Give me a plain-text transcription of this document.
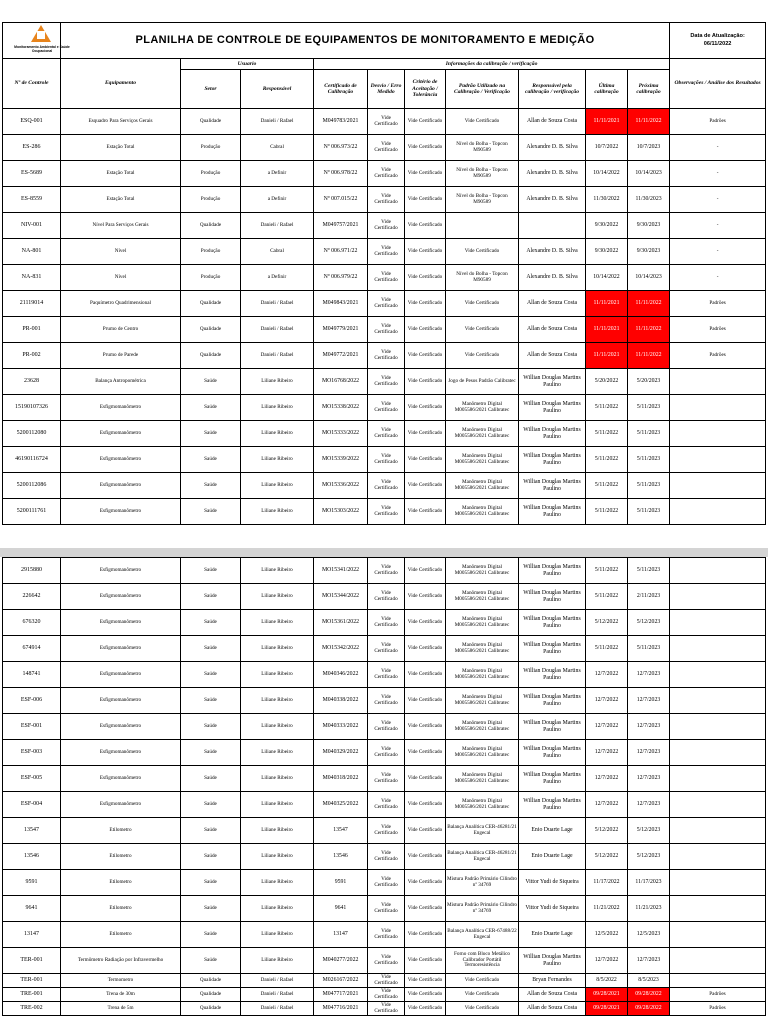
Monitoramento Ambiental e Saúde Ocupacional	PLANILHA DE CONTROLE DE EQUIPAMENTOS DE MONITORAMENTO E MEDIÇÃO										Data de Atualização:
06/11/2022
Nº de Controle	Equipamento	Usuario		Informações da calibração / verificação							Observações / Análise dos Resultados
		Setor	Responsável	Certificado de Calibração	Desvio / Erro Medido	Critério de Aceitação / Tolerância	Padrão Utilizado na Calibração / Verificação	Responsável pela calibração / verificação	Última calibração	Próxima calibração	
ESQ-001	Esquadro Para Serviços Gerais	Qualidade	Danieli / Rafael	M049783/2021	Vide Certificado	Vide Certificado	Vide Certificado	Allan de Souza Costa	11/11/2021	11/11/2022	Padrões
ES-286	Estação Total	Produção	Cabral	Nº 006.973/22	Vide Certificado	Vide Certificado	Nível do Bolha - Topcon M90589	Alexandre D. B. Silva	10/7/2022	10/7/2023	-
ES-5689	Estação Total	Produção	a Definir	Nº 006.978/22	Vide Certificado	Vide Certificado	Nível do Bolha - Topcon M90589	Alexandre D. B. Silva	10/14/2022	10/14/2023	-
ES-8559	Estação Total	Produção	a Definir	Nº 007.015/22	Vide Certificado	Vide Certificado	Nível do Bolha - Topcon M90589	Alexandre D. B. Silva	11/30/2022	11/30/2023	-
NIV-001	Nível Para Serviços Gerais	Qualidade	Danieli / Rafael	M049757/2021	Vide Certificado	Vide Certificado			9/30/2022	9/30/2023	-
NA-801	Nível	Produção	Cabral	Nº 006.971/22	Vide Certificado	Vide Certificado	Vide Certificado	Alexandre D. B. Silva	9/30/2022	9/30/2023	-
NA-831	Nível	Produção	a Definir	Nº 006.979/22	Vide Certificado	Vide Certificado	Nível do Bolha - Topcon M90589	Alexandre D. B. Silva	10/14/2022	10/14/2023	-
21119014	Paquímetro Quadrimensional	Qualidade	Danieli / Rafael	M049843/2021	Vide Certificado	Vide Certificado	Vide Certificado	Allan de Souza Costa	11/11/2021	11/11/2022	Padrões
PR-001	Prumo de Centro	Qualidade	Danieli / Rafael	M049779/2021	Vide Certificado	Vide Certificado	Vide Certificado	Allan de Souza Costa	11/11/2021	11/11/2022	Padrões
PR-002	Prumo de Parede	Qualidade	Danieli / Rafael	M049772/2021	Vide Certificado	Vide Certificado	Vide Certificado	Allan de Souza Costa	11/11/2021	11/11/2022	Padrões
23628	Balança Antropométrica	Saúde	Liliane Ribeiro	MO16768/2022	Vide Certificado	Vide Certificado	Jogo de Pesos Padrão Calibratec	Willian Douglas Martins Paulino	5/20/2022	5/20/2023	
15190107326	Esfigmomanômetro	Saúde	Liliane Ribeiro	MO15338/2022	Vide Certificado	Vide Certificado	Manômetro Digital M005586/2021 Calibratec	Willian Douglas Martins Paulino	5/11/2022	5/11/2023	
5200112080	Esfigmomanômetro	Saúde	Liliane Ribeiro	MO15333/2022	Vide Certificado	Vide Certificado	Manômetro Digital M005586/2021 Calibratec	Willian Douglas Martins Paulino	5/11/2022	5/11/2023	
46190116724	Esfigmomanômetro	Saúde	Liliane Ribeiro	MO15339/2022	Vide Certificado	Vide Certificado	Manômetro Digital M005586/2021 Calibratec	Willian Douglas Martins Paulino	5/11/2022	5/11/2023	
5200112086	Esfigmomanômetro	Saúde	Liliane Ribeiro	MO15336/2022	Vide Certificado	Vide Certificado	Manômetro Digital M005586/2021 Calibratec	Willian Douglas Martins Paulino	5/11/2022	5/11/2023	
5200111761	Esfigmomanômetro	Saúde	Liliane Ribeiro	MO15303/2022	Vide Certificado	Vide Certificado	Manômetro Digital M005586/2021 Calibratec	Willian Douglas Martins Paulino	5/11/2022	5/11/2023	
2915880	Esfigmomanômetro	Saúde	Liliane Ribeiro	MO15341/2022	Vide Certificado	Vide Certificado	Manômetro Digital M005586/2021 Calibratec	Willian Douglas Martins Paulino	5/11/2022	5/11/2023	
226642	Esfigmomanômetro	Saúde	Liliane Ribeiro	MO15344/2022	Vide Certificado	Vide Certificado	Manômetro Digital M005586/2021 Calibratec	Willian Douglas Martins Paulino	5/11/2022	2/11/2023	
676320	Esfigmomanômetro	Saúde	Liliane Ribeiro	MO15361/2022	Vide Certificado	Vide Certificado	Manômetro Digital M005586/2021 Calibratec	Willian Douglas Martins Paulino	5/12/2022	5/12/2023	
674914	Esfigmomanômetro	Saúde	Liliane Ribeiro	MO15342/2022	Vide Certificado	Vide Certificado	Manômetro Digital M005586/2021 Calibratec	Willian Douglas Martins Paulino	5/11/2022	5/11/2023	
148741	Esfigmomanômetro	Saúde	Liliane Ribeiro	M040346/2022	Vide Certificado	Vide Certificado	Manômetro Digital M005586/2021 Calibratec	Willian Douglas Martins Paulino	12/7/2022	12/7/2023	
ESF-006	Esfigmomanômetro	Saúde	Liliane Ribeiro	M040338/2022	Vide Certificado	Vide Certificado	Manômetro Digital M005586/2021 Calibratec	Willian Douglas Martins Paulino	12/7/2022	12/7/2023	
ESF-001	Esfigmomanômetro	Saúde	Liliane Ribeiro	M040333/2022	Vide Certificado	Vide Certificado	Manômetro Digital M005586/2021 Calibratec	Willian Douglas Martins Paulino	12/7/2022	12/7/2023	
ESF-003	Esfigmomanômetro	Saúde	Liliane Ribeiro	M040329/2022	Vide Certificado	Vide Certificado	Manômetro Digital M005586/2021 Calibratec	Willian Douglas Martins Paulino	12/7/2022	12/7/2023	
ESF-005	Esfigmomanômetro	Saúde	Liliane Ribeiro	M040318/2022	Vide Certificado	Vide Certificado	Manômetro Digital M005586/2021 Calibratec	Willian Douglas Martins Paulino	12/7/2022	12/7/2023	
ESF-004	Esfigmomanômetro	Saúde	Liliane Ribeiro	M040325/2022	Vide Certificado	Vide Certificado	Manômetro Digital M005586/2021 Calibratec	Willian Douglas Martins Paulino	12/7/2022	12/7/2023	
13547	Etilometro	Saúde	Liliane Ribeiro	13547	Vide Certificado	Vide Certificado	Balança Analítica CER-46281/21 Engecal	Enio Duarte Lage	5/12/2022	5/12/2023	
13546	Etilometro	Saúde	Liliane Ribeiro	13546	Vide Certificado	Vide Certificado	Balança Analítica CER-46281/21 Engecal	Enio Duarte Lage	5/12/2022	5/12/2023	
9591	Etilometro	Saúde	Liliane Ribeiro	9591	Vide Certificado	Vide Certificado	Mistura Padrão Primário Cilindro nº 34769	Vittor Yudi de Siqueira	11/17/2022	11/17/2023	
9641	Etilometro	Saúde	Liliane Ribeiro	9641	Vide Certificado	Vide Certificado	Mistura Padrão Primário Cilindro nº 34769	Vittor Yudi de Siqueira	11/21/2022	11/21/2023	
13147	Etilometro	Saúde	Liliane Ribeiro	13147	Vide Certificado	Vide Certificado	Balança Analítica CER-67488/22 Engecal	Enio Duarte Lage	12/5/2022	12/5/2023	
TER-001	Termômetro Radiação por Infravermelho	Saúde	Liliane Ribeiro	M040277/2022	Vide Certificado	Vide Certificado	Forno com Bloco Metálico Calibrador Portátil Termoresistência	Willian Douglas Martins Paulino	12/7/2022	12/7/2023	
TER-001	Termometro	Qualidade	Danieli / Rafael	M026167/2022	Vide Certificado	Vide Certificado	Vide Certificado	Bryan Fernandes	8/5/2022	8/5/2023	
TRE-001	Trena de 30m	Qualidade	Danieli / Rafael	M047717/2021	Vide Certificado	Vide Certificado	Vide Certificado	Allan de Souza Costa	09/28/2021	09/28/2022	Padrões
TRE-002	Trena de 5m	Qualidade	Danieli / Rafael	M047716/2021	Vide Certificado	Vide Certificado	Vide Certificado	Allan de Souza Costa	09/28/2021	09/28/2022	Padrões
